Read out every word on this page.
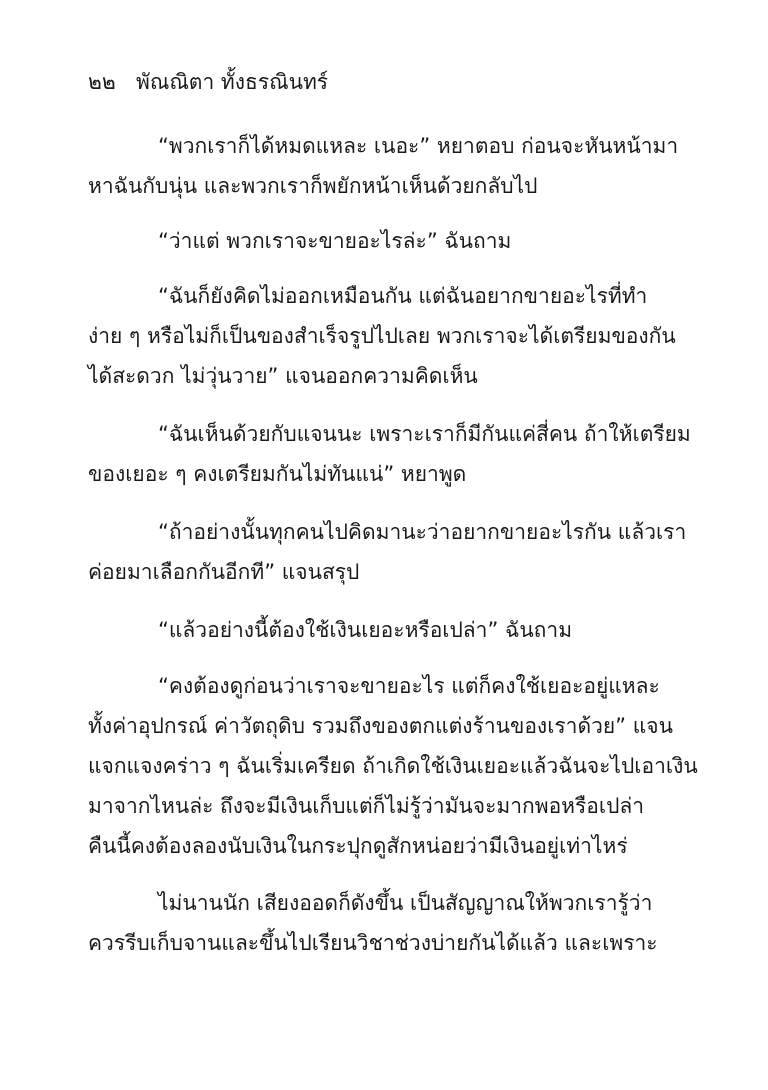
๒๒ พัณณิตา ทั้งธรณินทร์
“พวกเราก็ได้หมดแหละ เนอะ” หยาตอบ ก่อนจะหันหน้ามา
หาฉันกับนุ่น และพวกเราก็พยักหน้าเห็นด้วยกลับไป
“ว่าแต่ พวกเราจะขายอะไรล่ะ” ฉันถาม
“ฉันก็ยังคิดไม่ออกเหมือนกัน แต่ฉันอยากขายอะไรที่ทำ
ง่าย ๆ หรือไม่ก็เป็นของสำเร็จรูปไปเลย พวกเราจะได้เตรียมของกัน
ได้สะดวก ไม่วุ่นวาย” แจนออกความคิดเห็น
“ฉันเห็นด้วยกับแจนนะ เพราะเราก็มีกันแค่สี่คน ถ้าให้เตรียม
ของเยอะ ๆ คงเตรียมกันไม่ทันแน่” หยาพูด
“ถ้าอย่างนั้นทุกคนไปคิดมานะว่าอยากขายอะไรกัน แล้วเรา
ค่อยมาเลือกกันอีกที” แจนสรุป
“แล้วอย่างนี้ต้องใช้เงินเยอะหรือเปล่า” ฉันถาม
“คงต้องดูก่อนว่าเราจะขายอะไร แต่ก็คงใช้เยอะอยู่แหละ
ทั้งค่าอุปกรณ์ ค่าวัตถุดิบ รวมถึงของตกแต่งร้านของเราด้วย” แจน
แจกแจงคร่าว ๆ ฉันเริ่มเครียด ถ้าเกิดใช้เงินเยอะแล้วฉันจะไปเอาเงิน
มาจากไหนล่ะ ถึงจะมีเงินเก็บแต่ก็ไม่รู้ว่ามันจะมากพอหรือเปล่า
คืนนี้คงต้องลองนับเงินในกระปุกดูสักหน่อยว่ามีเงินอยู่เท่าไหร่
ไม่นานนัก เสียงออดก็ดังขึ้น เป็นสัญญาณให้พวกเรารู้ว่า
ควรรีบเก็บจานและขึ้นไปเรียนวิชาช่วงบ่ายกันได้แล้ว และเพราะ
